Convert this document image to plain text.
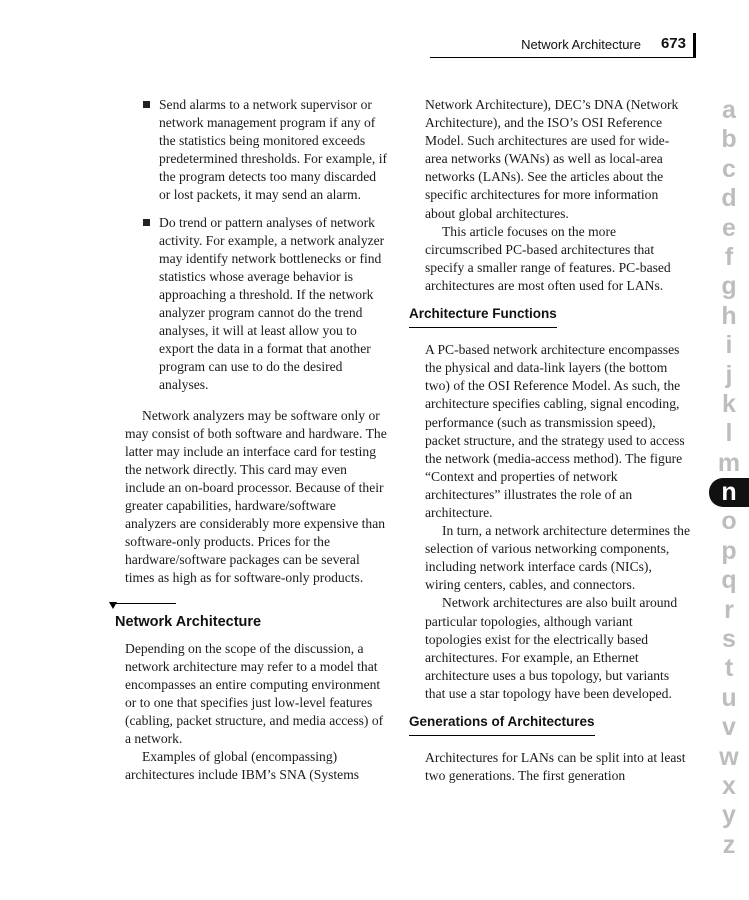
Network Architecture 673
Send alarms to a network supervisor or network management program if any of the statistics being monitored exceeds predetermined thresholds. For example, if the program detects too many discarded or lost packets, it may send an alarm.
Do trend or pattern analyses of network activity. For example, a network analyzer may identify network bottlenecks or find statistics whose average behavior is approaching a threshold. If the network analyzer program cannot do the trend analyses, it will at least allow you to export the data in a format that another program can use to do the desired analyses.

Network analyzers may be software only or may consist of both software and hardware. The latter may include an interface card for testing the network directly. This card may even include an on-board processor. Because of their greater capabilities, hardware/software analyzers are considerably more expensive than software-only products. Prices for the hardware/software packages can be several times as high as for software-only products.

Network Architecture

Depending on the scope of the discussion, a network architecture may refer to a model that encompasses an entire computing environment or to one that specifies just low-level features (cabling, packet structure, and media access) of a network.

Examples of global (encompassing) architectures include IBM’s SNA (Systems

Network Architecture), DEC’s DNA (Network Architecture), and the ISO’s OSI Reference Model. Such architectures are used for wide-area networks (WANs) as well as local-area networks (LANs). See the articles about the specific architectures for more information about global architectures.

This article focuses on the more circumscribed PC-based architectures that specify a smaller range of features. PC-based architectures are most often used for LANs.

Architecture Functions

A PC-based network architecture encompasses the physical and data-link layers (the bottom two) of the OSI Reference Model. As such, the architecture specifies cabling, signal encoding, performance (such as transmission speed), packet structure, and the strategy used to access the network (media-access method). The figure “Context and properties of network architectures” illustrates the role of an architecture.

In turn, a network architecture determines the selection of various networking components, including network interface cards (NICs), wiring centers, cables, and connectors.

Network architectures are also built around particular topologies, although variant topologies exist for the electrically based architectures. For example, an Ethernet architecture uses a bus topology, but variants that use a star topology have been developed.

Generations of Architectures

Architectures for LANs can be split into at least two generations. The first generation

a
b
c
d
e
f
g
h
i
j
k
l
m
n
o
p
q
r
s
t
u
v
w
x
y
z
